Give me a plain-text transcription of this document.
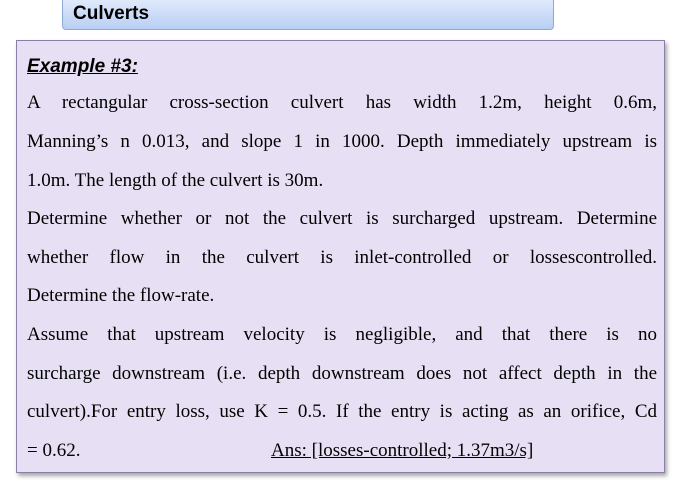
Culverts
Example #3:
A rectangular cross-section culvert has width 1.2m, height 0.6m,
Manning’s n 0.013, and slope 1 in 1000. Depth immediately upstream is
1.0m. The length of the culvert is 30m.
Determine whether or not the culvert is surcharged upstream. Determine
whether flow in the culvert is inlet-controlled or lossescontrolled.
Determine the flow-rate.
Assume that upstream velocity is negligible, and that there is no
surcharge downstream (i.e. depth downstream does not affect depth in the
culvert).For entry loss, use K = 0.5. If the entry is acting as an orifice, Cd
= 0.62.	Ans: [losses-controlled; 1.37m3/s]
